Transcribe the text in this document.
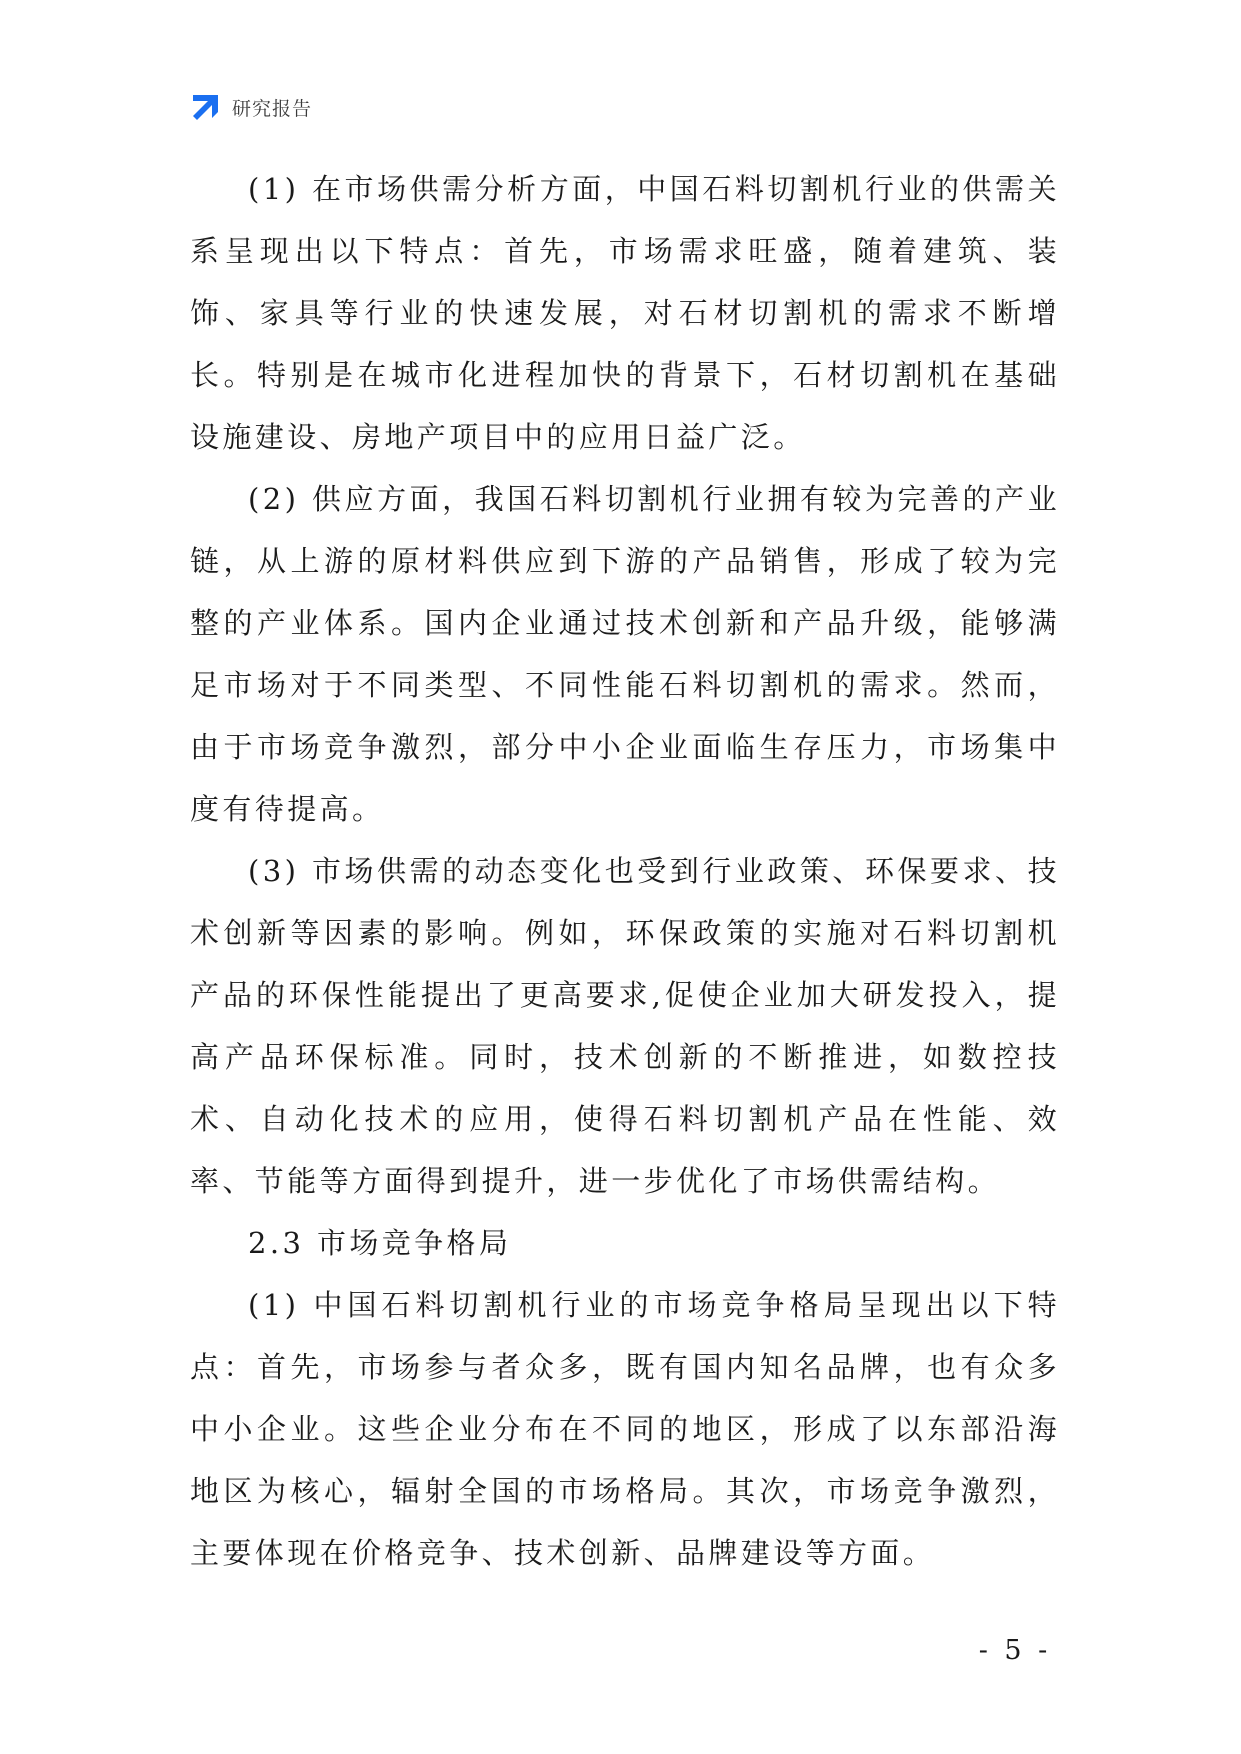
研究报告

(1) 在市场供需分析方面，中国石料切割机行业的供需关系呈现出以下特点：首先，市场需求旺盛，随着建筑、装饰、家具等行业的快速发展，对石材切割机的需求不断增长。特别是在城市化进程加快的背景下，石材切割机在基础设施建设、房地产项目中的应用日益广泛。

(2) 供应方面，我国石料切割机行业拥有较为完善的产业链，从上游的原材料供应到下游的产品销售，形成了较为完整的产业体系。国内企业通过技术创新和产品升级，能够满足市场对于不同类型、不同性能石料切割机的需求。然而，由于市场竞争激烈，部分中小企业面临生存压力，市场集中度有待提高。

(3) 市场供需的动态变化也受到行业政策、环保要求、技术创新等因素的影响。例如，环保政策的实施对石料切割机产品的环保性能提出了更高要求,促使企业加大研发投入，提高产品环保标准。同时，技术创新的不断推进，如数控技术、自动化技术的应用，使得石料切割机产品在性能、效率、节能等方面得到提升，进一步优化了市场供需结构。

2.3 市场竞争格局

(1) 中国石料切割机行业的市场竞争格局呈现出以下特点：首先，市场参与者众多，既有国内知名品牌，也有众多中小企业。这些企业分布在不同的地区，形成了以东部沿海地区为核心，辐射全国的市场格局。其次，市场竞争激烈，主要体现在价格竞争、技术创新、品牌建设等方面。

- 5 -
